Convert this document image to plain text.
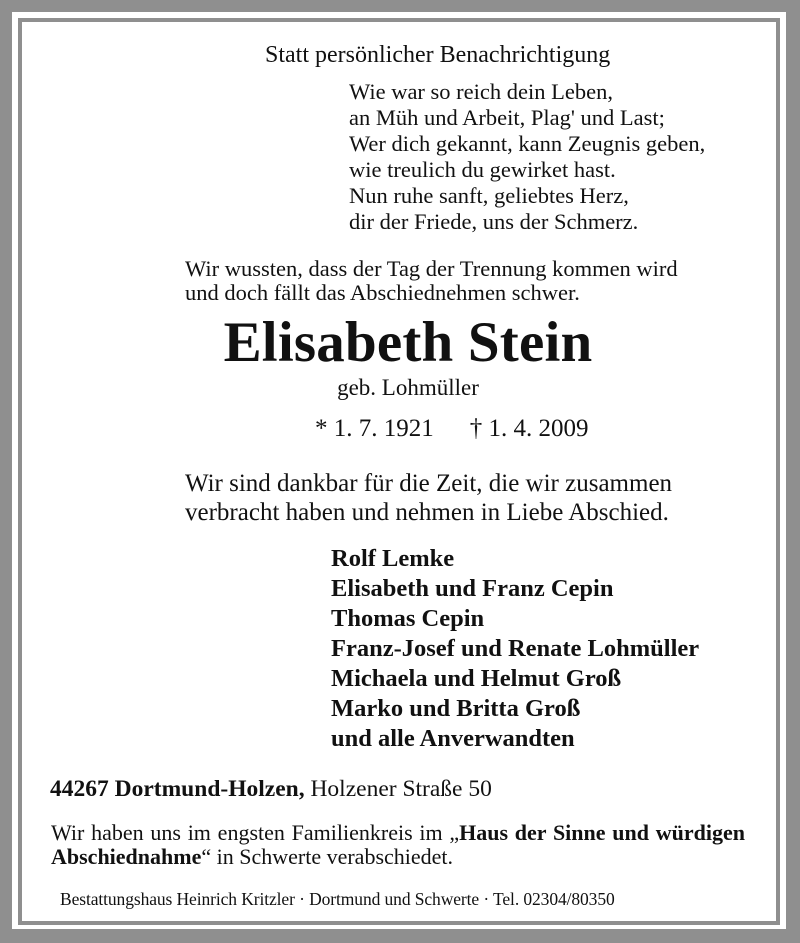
Statt persönlicher Benachrichtigung
Wie war so reich dein Leben,
an Müh und Arbeit, Plag' und Last;
Wer dich gekannt, kann Zeugnis geben,
wie treulich du gewirket hast.
Nun ruhe sanft, geliebtes Herz,
dir der Friede, uns der Schmerz.
Wir wussten, dass der Tag der Trennung kommen wird
und doch fällt das Abschiednehmen schwer.
Elisabeth Stein
geb. Lohmüller
* 1. 7. 1921 † 1. 4. 2009
Wir sind dankbar für die Zeit, die wir zusammen
verbracht haben und nehmen in Liebe Abschied.
Rolf Lemke
Elisabeth und Franz Cepin
Thomas Cepin
Franz-Josef und Renate Lohmüller
Michaela und Helmut Groß
Marko und Britta Groß
und alle Anverwandten
44267 Dortmund-Holzen, Holzener Straße 50
Wir haben uns im engsten Familienkreis im „Haus der Sinne und würdigen Abschiednahme“ in Schwerte verabschiedet.
Bestattungshaus Heinrich Kritzler · Dortmund und Schwerte · Tel. 02304/80350
